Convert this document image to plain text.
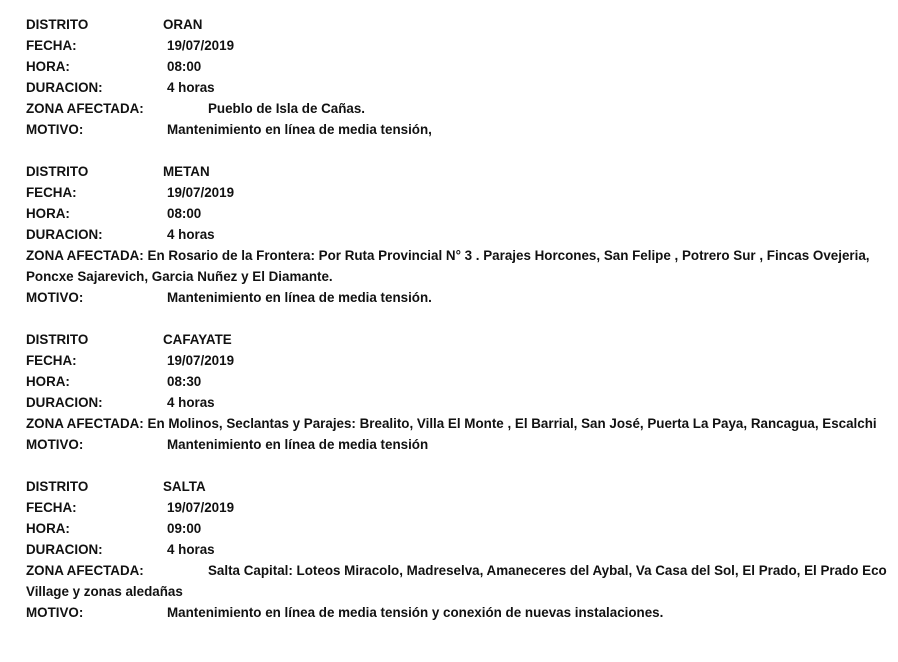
DISTRITO	ORAN
FECHA:	19/07/2019
HORA:	08:00
DURACION:	4 horas
ZONA AFECTADA:	Pueblo de Isla de Cañas.
MOTIVO:	Mantenimiento en línea de media tensión,
DISTRITO	METAN
FECHA:	19/07/2019
HORA:	08:00
DURACION:	4 horas
ZONA AFECTADA: En Rosario de la Frontera: Por Ruta Provincial N° 3 . Parajes Horcones, San Felipe , Potrero Sur , Fincas Ovejeria, Poncxe Sajarevich, Garcia Nuñez y El Diamante.
MOTIVO:	Mantenimiento en línea de media tensión.
DISTRITO	CAFAYATE
FECHA:	19/07/2019
HORA:	08:30
DURACION:	4 horas
ZONA AFECTADA: En Molinos, Seclantas y Parajes: Brealito, Villa El Monte , El Barrial, San José, Puerta La Paya, Rancagua, Escalchi
MOTIVO:	Mantenimiento en línea de media tensión
DISTRITO	SALTA
FECHA:	19/07/2019
HORA:	09:00
DURACION:	4 horas
ZONA AFECTADA:	Salta Capital: Loteos Miracolo, Madreselva, Amaneceres del Aybal, Va Casa del Sol, El Prado, El Prado Eco Village y zonas aledañas
MOTIVO:	Mantenimiento en línea de media tensión y conexión de nuevas instalaciones.
